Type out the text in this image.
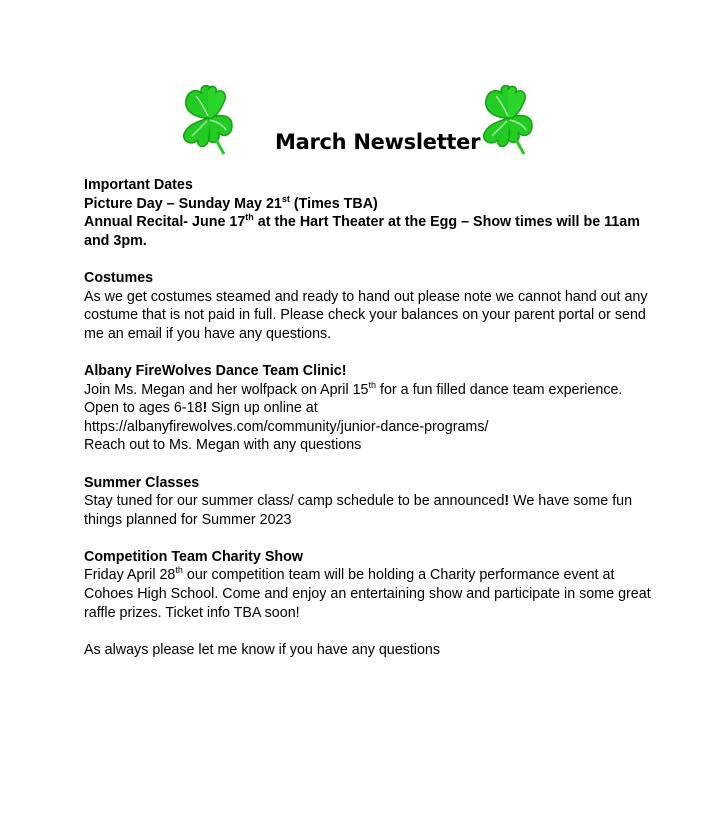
March Newsletter

Important Dates

Picture Day – Sunday May 21st (Times TBA)

Annual Recital- June 17th at the Hart Theater at the Egg – Show times will be 11am and 3pm.

Costumes

As we get costumes steamed and ready to hand out please note we cannot hand out any costume that is not paid in full. Please check your balances on your parent portal or send me an email if you have any questions.

Albany FireWolves Dance Team Clinic!

Join Ms. Megan and her wolfpack on April 15th for a fun filled dance team experience.

Open to ages 6-18! Sign up online at

https://albanyfirewolves.com/community/junior-dance-programs/

Reach out to Ms. Megan with any questions

Summer Classes

Stay tuned for our summer class/ camp schedule to be announced! We have some fun things planned for Summer 2023

Competition Team Charity Show

Friday April 28th our competition team will be holding a Charity performance event at Cohoes High School. Come and enjoy an entertaining show and participate in some great raffle prizes. Ticket info TBA soon!

As always please let me know if you have any questions
